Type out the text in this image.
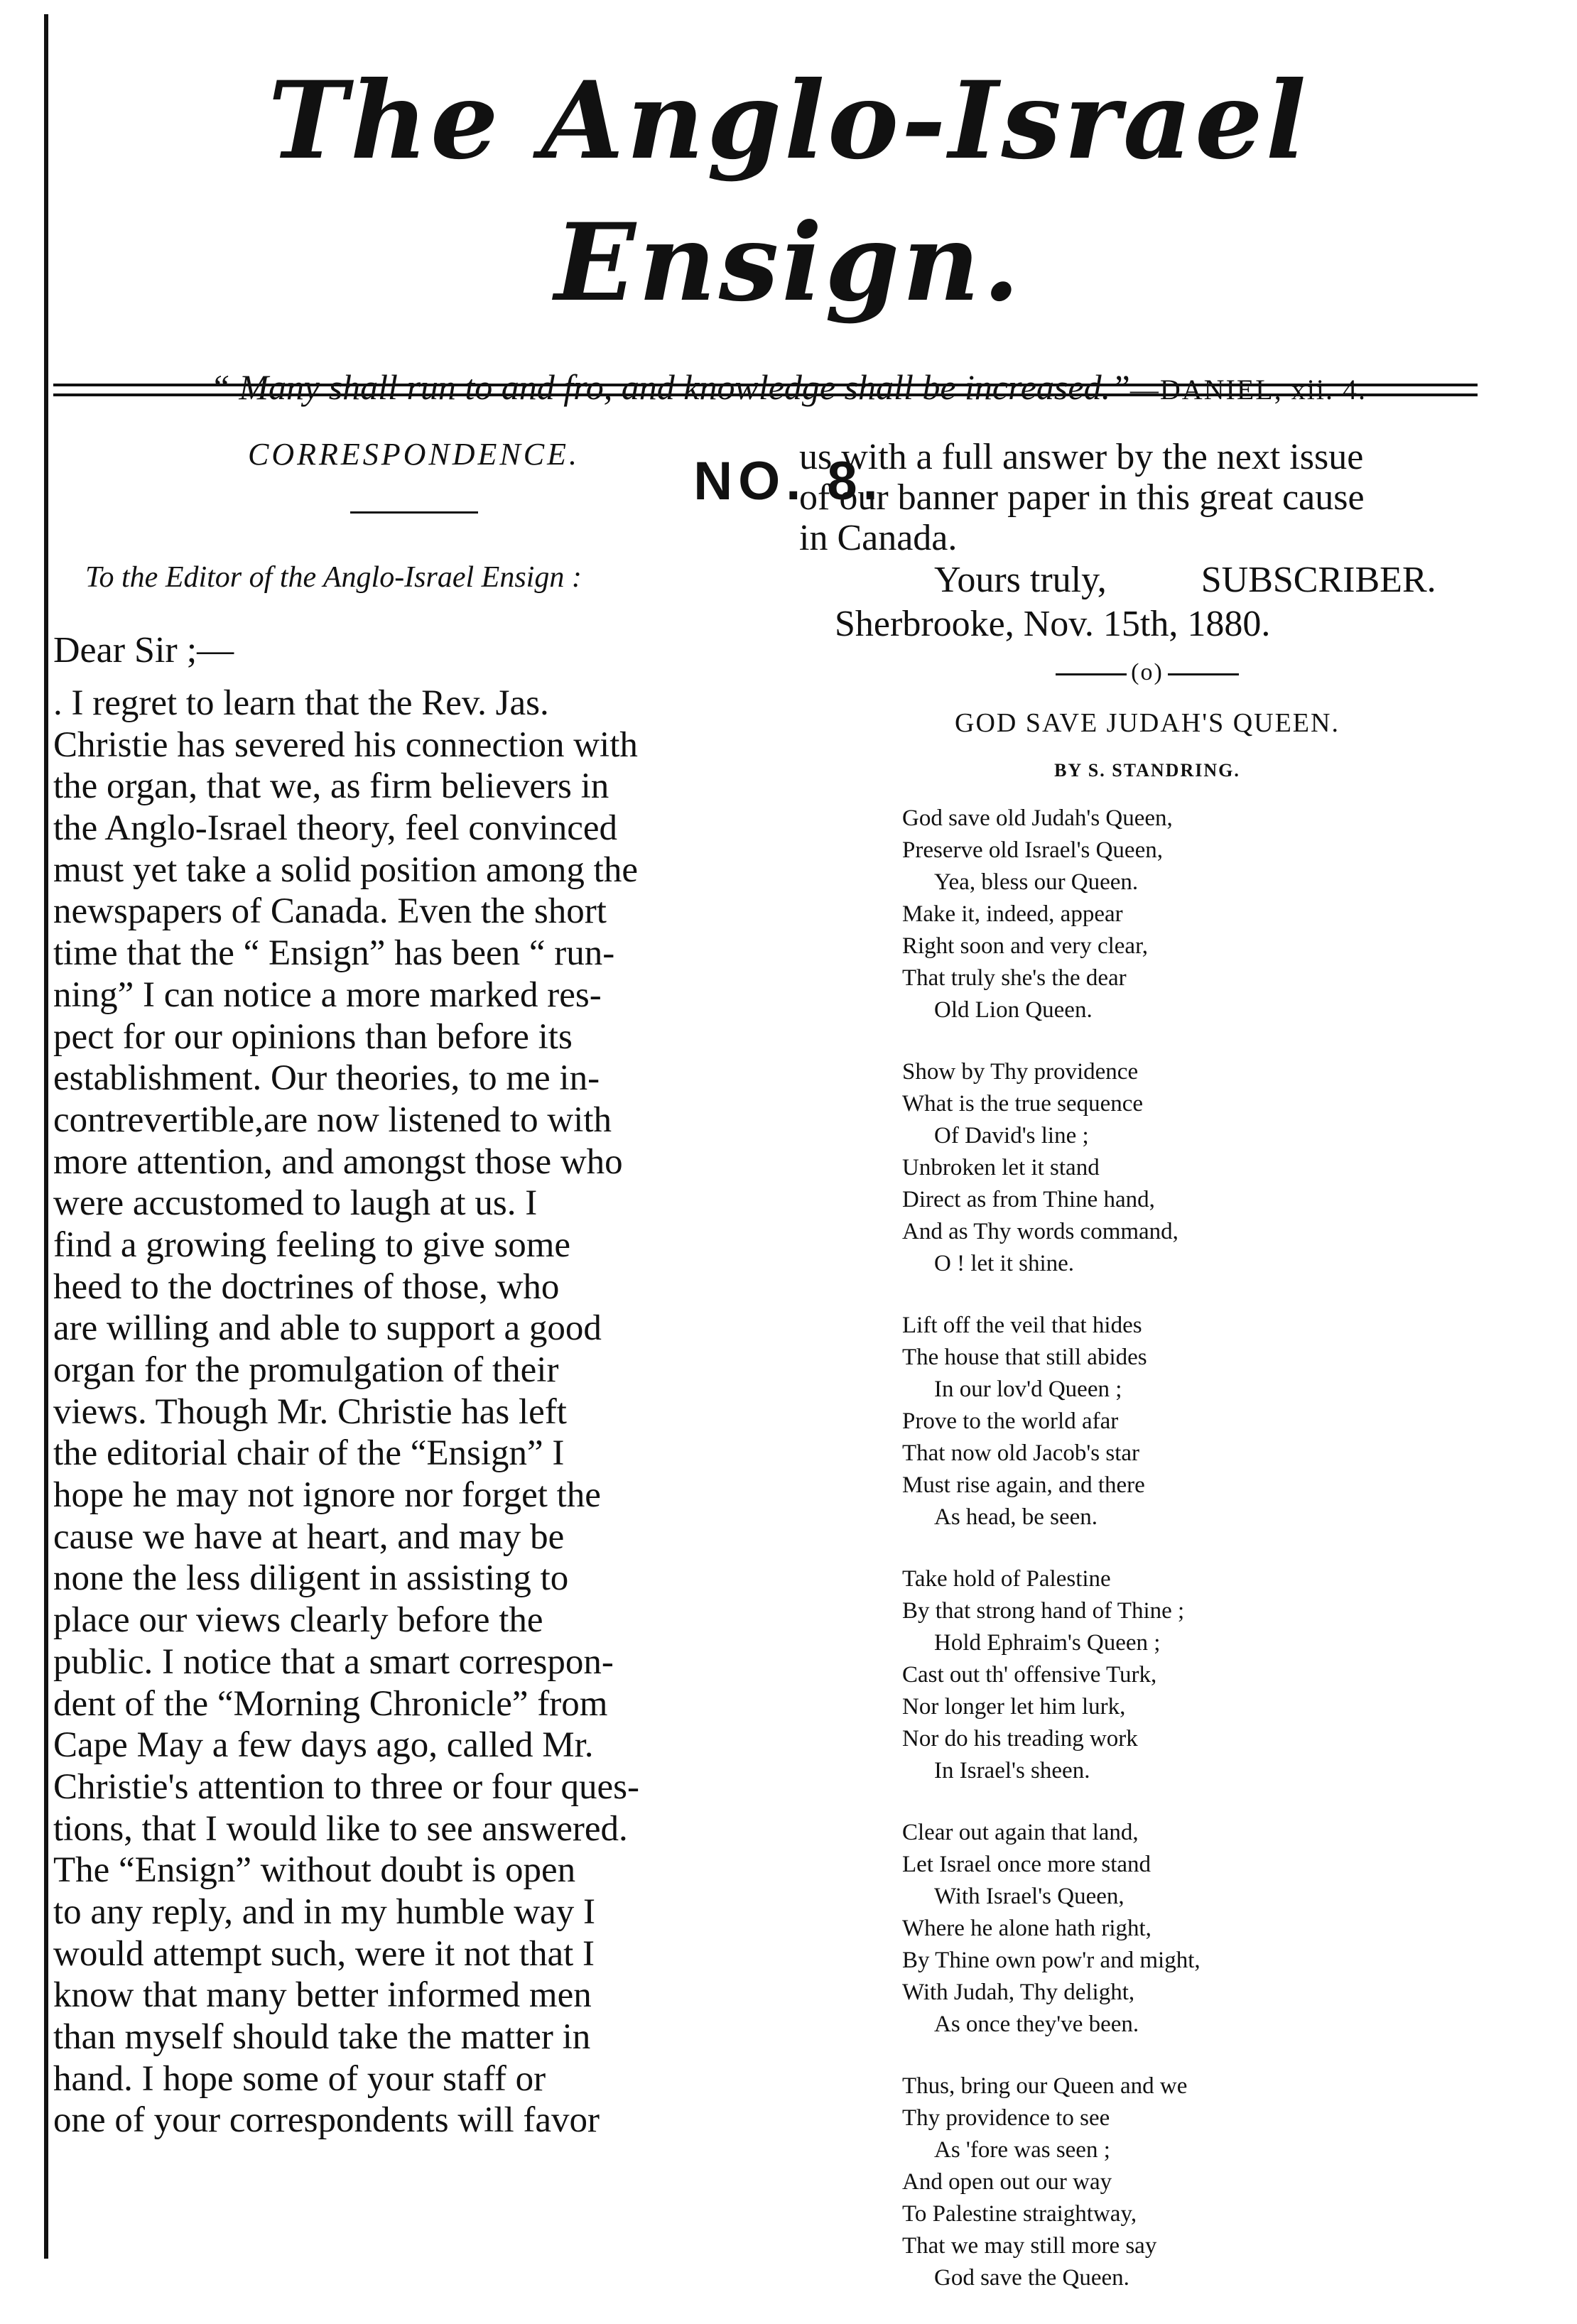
The Anglo-Israel Ensign.
“ Many shall run to and fro, and knowledge shall be increased.”—DANIEL, xii. 4.
NO. 8.
CORRESPONDENCE.
To the Editor of the Anglo-Israel Ensign :
Dear Sir ;—
. I regret to learn that the Rev. Jas.
Christie has severed his connection with
the organ, that we, as firm believers in
the Anglo-Israel theory, feel convinced
must yet take a solid position among the
newspapers of Canada. Even the short
time that the “ Ensign” has been “ run-
ning” I can notice a more marked res-
pect for our opinions than before its
establishment. Our theories, to me in-
contrevertible,are now listened to with
more attention, and amongst those who
were accustomed to laugh at us. I
find a growing feeling to give some
heed to the doctrines of those, who
are willing and able to support a good
organ for the promulgation of their
views. Though Mr. Christie has left
the editorial chair of the “Ensign” I
hope he may not ignore nor forget the
cause we have at heart, and may be
none the less diligent in assisting to
place our views clearly before the
public. I notice that a smart correspon-
dent of the “Morning Chronicle” from
Cape May a few days ago, called Mr.
Christie's attention to three or four ques-
tions, that I would like to see answered.
The “Ensign” without doubt is open
to any reply, and in my humble way I
would attempt such, were it not that I
know that many better informed men
than myself should take the matter in
hand. I hope some of your staff or
one of your correspondents will favor
us with a full answer by the next issue
of our banner paper in this great cause
in Canada.
Yours truly,	SUBSCRIBER.
Sherbrooke, Nov. 15th, 1880.
(o)
GOD SAVE JUDAH'S QUEEN.
BY S. STANDRING.
God save old Judah's Queen,
Preserve old Israel's Queen,
Yea, bless our Queen.
Make it, indeed, appear
Right soon and very clear,
That truly she's the dear
Old Lion Queen.
Show by Thy providence
What is the true sequence
Of David's line ;
Unbroken let it stand
Direct as from Thine hand,
And as Thy words command,
O ! let it shine.
Lift off the veil that hides
The house that still abides
In our lov'd Queen ;
Prove to the world afar
That now old Jacob's star
Must rise again, and there
As head, be seen.
Take hold of Palestine
By that strong hand of Thine ;
Hold Ephraim's Queen ;
Cast out th' offensive Turk,
Nor longer let him lurk,
Nor do his treading work
In Israel's sheen.
Clear out again that land,
Let Israel once more stand
With Israel's Queen,
Where he alone hath right,
By Thine own pow'r and might,
With Judah, Thy delight,
As once they've been.
Thus, bring our Queen and we
Thy providence to see
As 'fore was seen ;
And open out our way
To Palestine straightway,
That we may still more say
God save the Queen.
